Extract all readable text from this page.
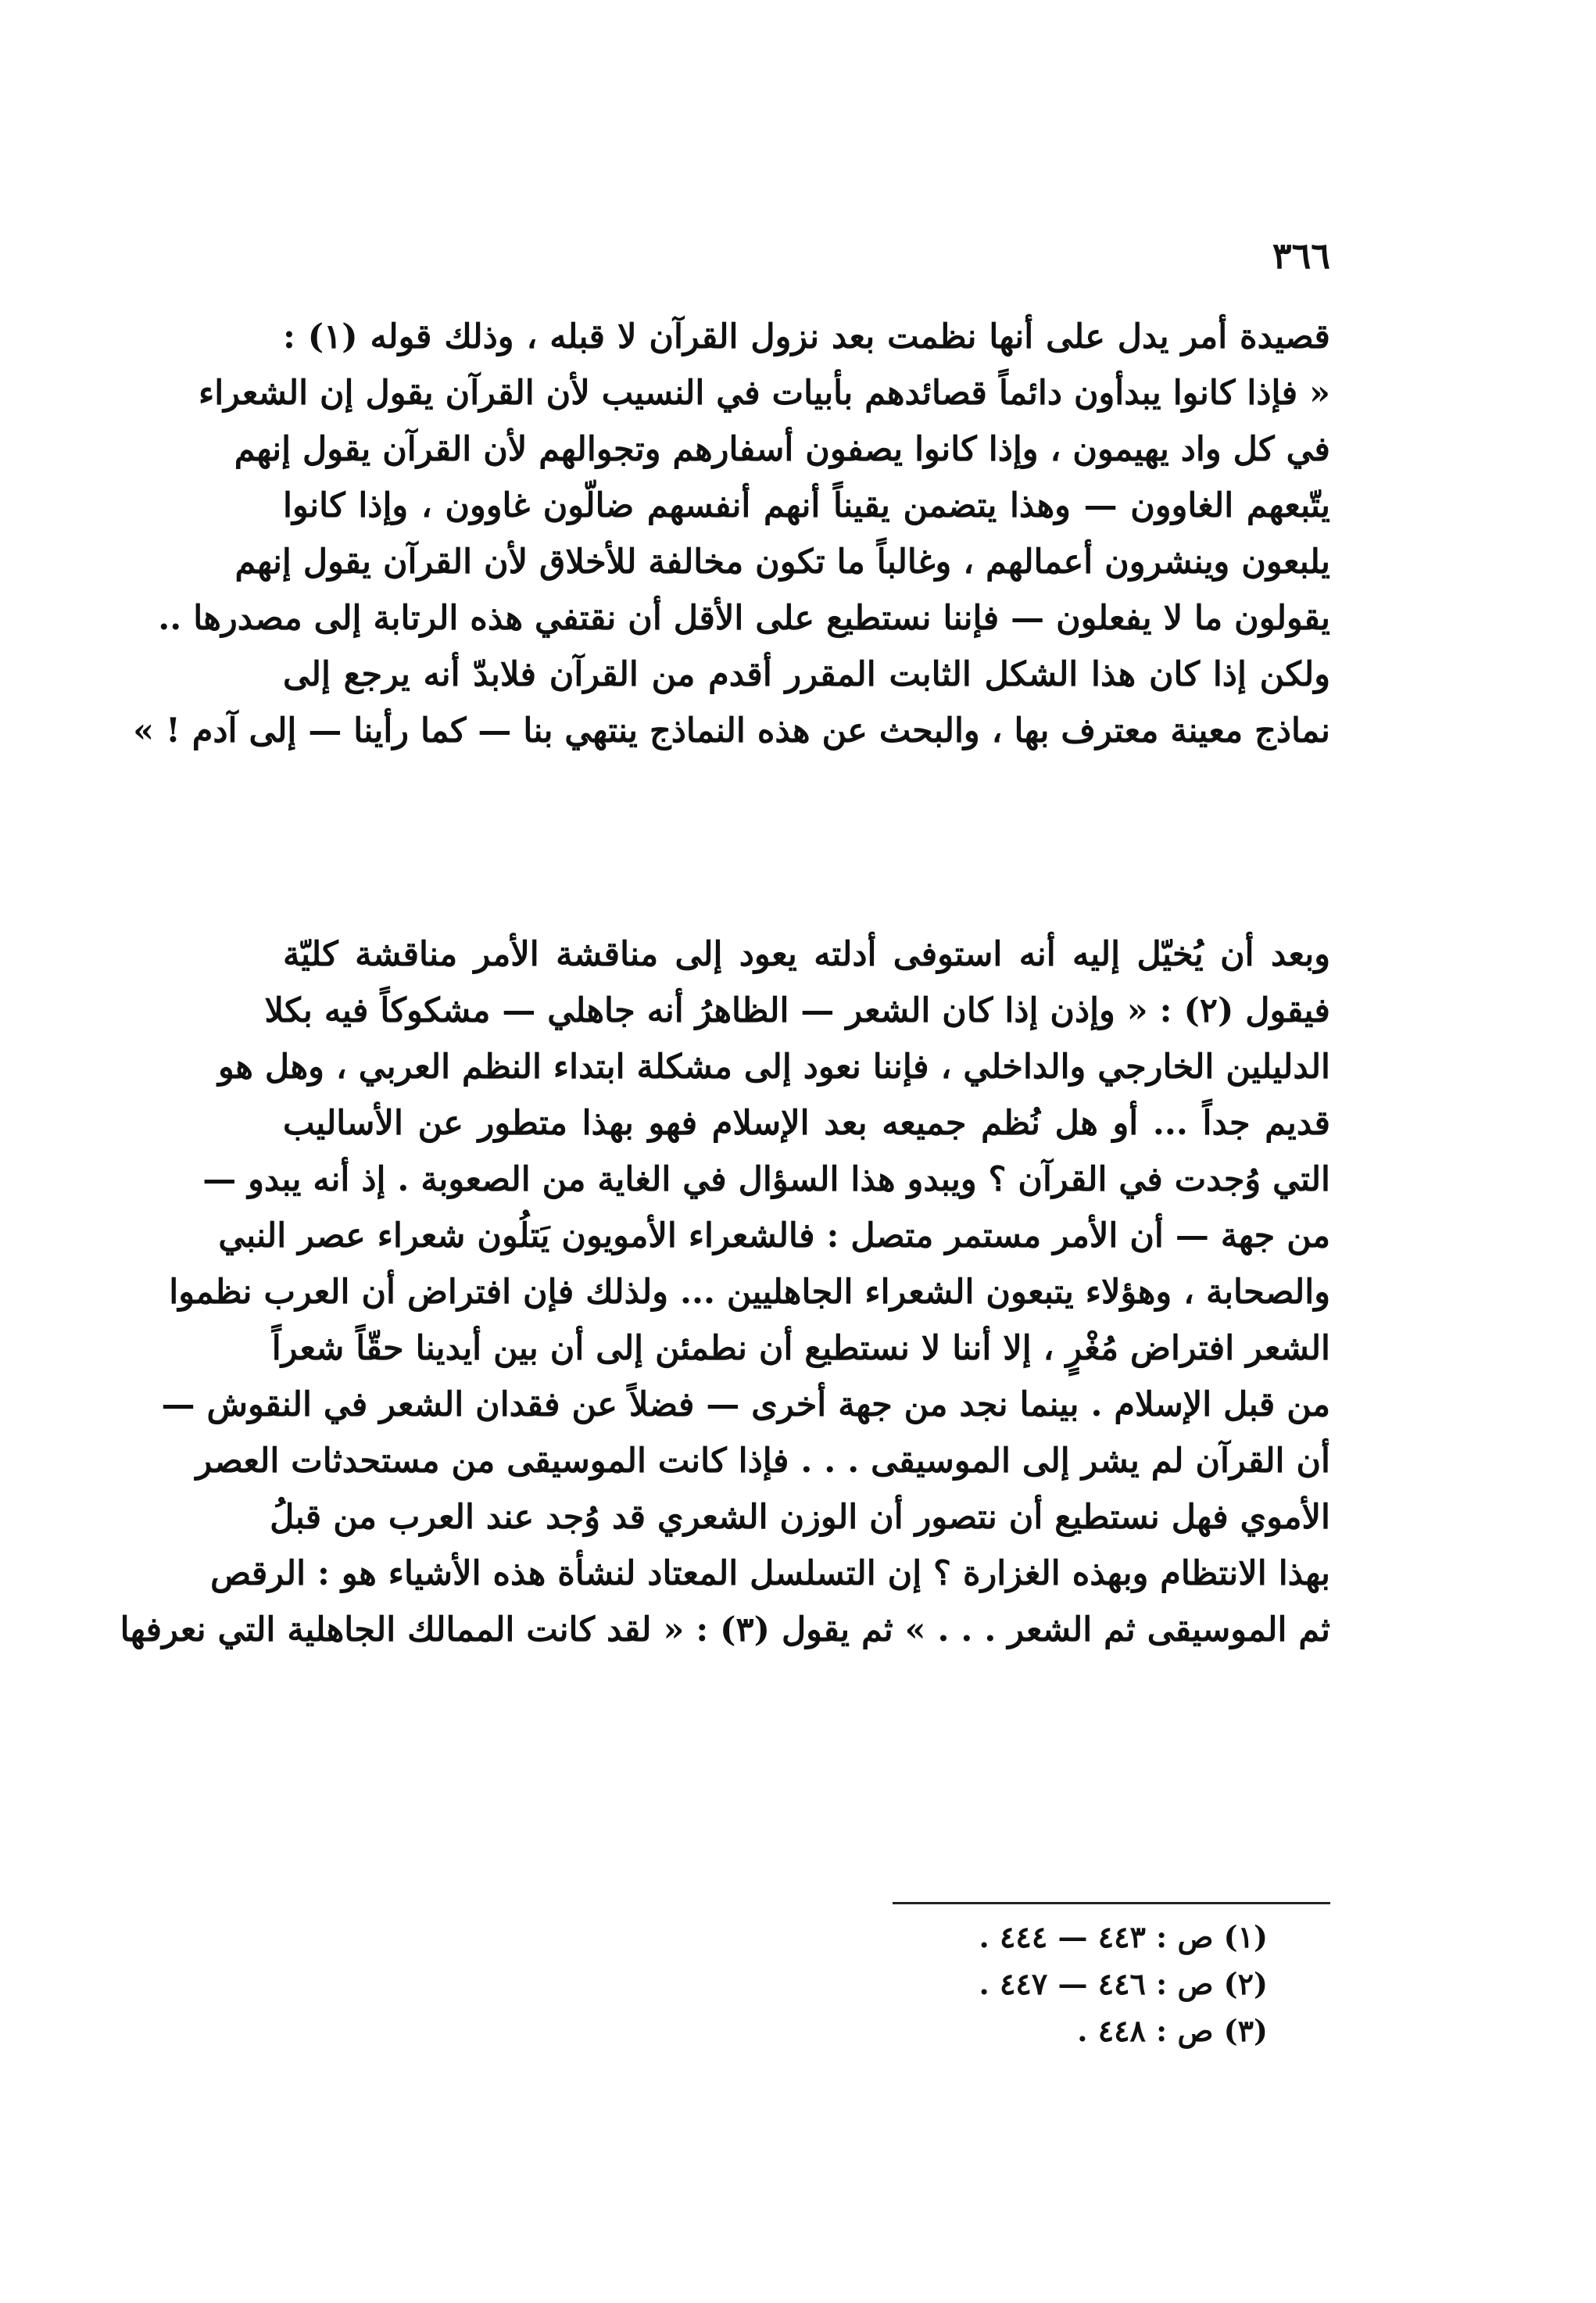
٣٦٦
قصيدة أمر يدل على أنها نظمت بعد نزول القرآن لا قبله ، وذلك قوله (١) :
« فإذا كانوا يبدأون دائماً قصائدهم بأبيات في النسيب لأن القرآن يقول إن الشعراء
في كل واد يهيمون ، وإذا كانوا يصفون أسفارهم وتجوالهم لأن القرآن يقول إنهم
يتّبعهم الغاوون — وهذا يتضمن يقيناً أنهم أنفسهم ضالّون غاوون ، وإذا كانوا
يلبعون وينشرون أعمالهم ، وغالباً ما تكون مخالفة للأخلاق لأن القرآن يقول إنهم
يقولون ما لا يفعلون — فإننا نستطيع على الأقل أن نقتفي هذه الرتابة إلى مصدرها ..
ولكن إذا كان هذا الشكل الثابت المقرر أقدم من القرآن فلابدّ أنه يرجع إلى
نماذج معينة معترف بها ، والبحث عن هذه النماذج ينتهي بنا — كما رأينا — إلى آدم ! »
وبعد أن يُخيّل إليه أنه استوفى أدلته يعود إلى مناقشة الأمر مناقشة كليّة
فيقول (٢) : « وإذن إذا كان الشعر — الظاهرُ أنه جاهلي — مشكوكاً فيه بكلا
الدليلين الخارجي والداخلي ، فإننا نعود إلى مشكلة ابتداء النظم العربي ، وهل هو
قديم جداً ... أو هل نُظم جميعه بعد الإسلام فهو بهذا متطور عن الأساليب
التي وُجدت في القرآن ؟ ويبدو هذا السؤال في الغاية من الصعوبة . إذ أنه يبدو —
من جهة — أن الأمر مستمر متصل : فالشعراء الأمويون يَتلُون شعراء عصر النبي
والصحابة ، وهؤلاء يتبعون الشعراء الجاهليين ... ولذلك فإن افتراض أن العرب نظموا
الشعر افتراض مُغْرٍ ، إلا أننا لا نستطيع أن نطمئن إلى أن بين أيدينا حقّاً شعراً
من قبل الإسلام . بينما نجد من جهة أخرى — فضلاً عن فقدان الشعر في النقوش —
أن القرآن لم يشر إلى الموسيقى . . . فإذا كانت الموسيقى من مستحدثات العصر
الأموي فهل نستطيع أن نتصور أن الوزن الشعري قد وُجد عند العرب من قبلُ
بهذا الانتظام وبهذه الغزارة ؟ إن التسلسل المعتاد لنشأة هذه الأشياء هو : الرقص
ثم الموسيقى ثم الشعر . . . » ثم يقول (٣) : « لقد كانت الممالك الجاهلية التي نعرفها
(١) ص : ٤٤٣ — ٤٤٤ .
(٢) ص : ٤٤٦ — ٤٤٧ .
(٣) ص : ٤٤٨ .
